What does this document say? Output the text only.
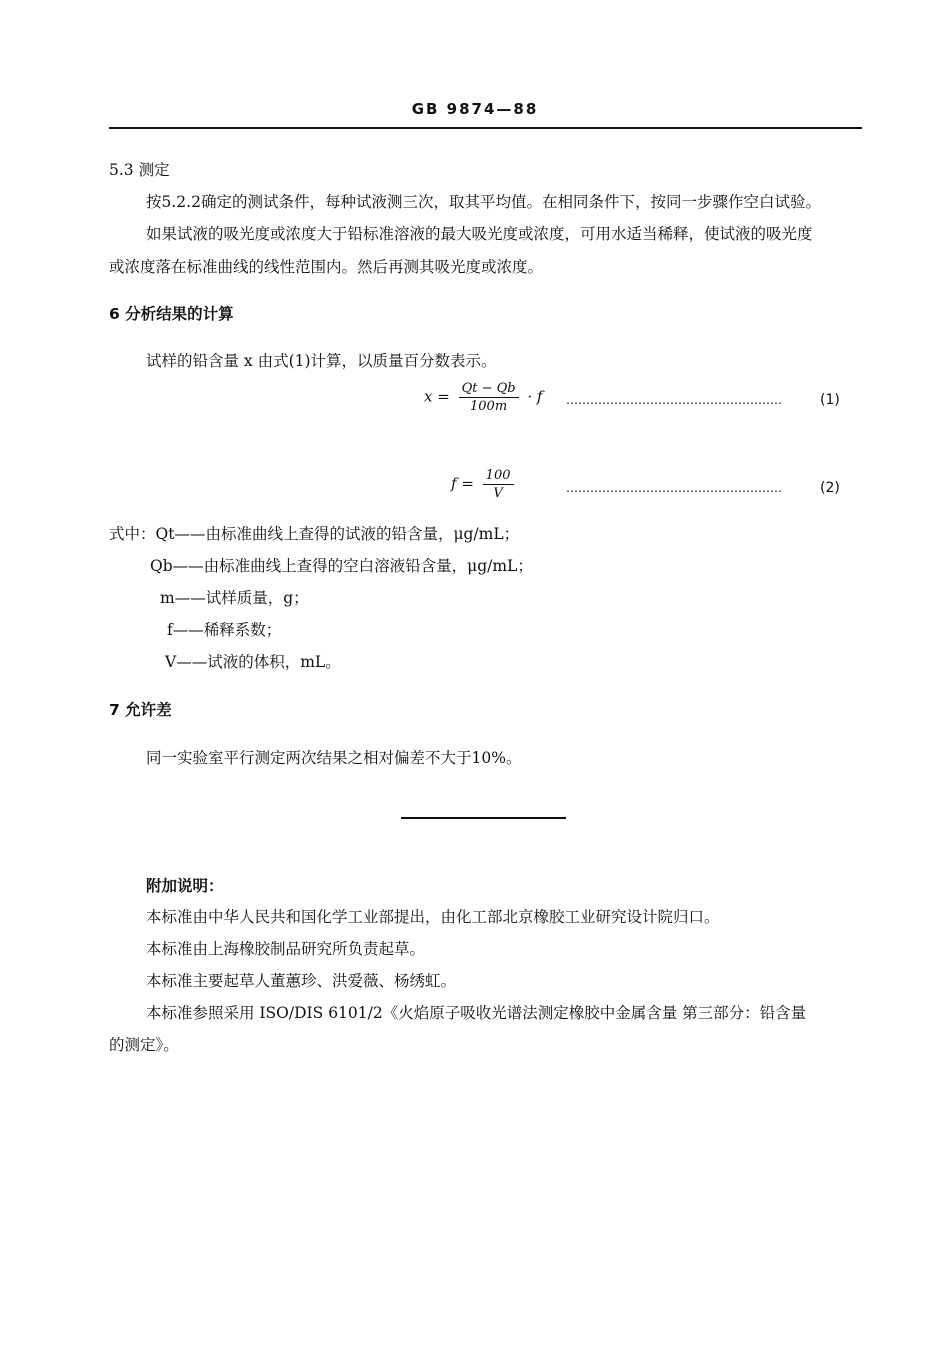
GB 9874—88
5.3 测定
按5.2.2确定的测试条件，每种试液测三次，取其平均值。在相同条件下，按同一步骤作空白试验。
如果试液的吸光度或浓度大于铅标准溶液的最大吸光度或浓度，可用水适当稀释，使试液的吸光度
或浓度落在标准曲线的线性范围内。然后再测其吸光度或浓度。
6 分析结果的计算
试样的铅含量 x 由式(1)计算，以质量百分数表示。
$x = \frac{Qt - Qb}{100m} \cdot f$ ………………………………………………	(1)
$f = \frac{100}{V}$	………………………………………………	(2)
式中：Qt——由标准曲线上查得的试液的铅含量，μg/mL；
Qb——由标准曲线上查得的空白溶液铅含量，μg/mL；
m——试样质量，g；
f——稀释系数；
V——试液的体积，mL。
7 允许差
同一实验室平行测定两次结果之相对偏差不大于10%。
附加说明：
本标准由中华人民共和国化学工业部提出，由化工部北京橡胶工业研究设计院归口。
本标准由上海橡胶制品研究所负责起草。
本标准主要起草人董蕙珍、洪爱薇、杨绣虹。
本标准参照采用 ISO/DIS 6101/2《火焰原子吸收光谱法测定橡胶中金属含量 第三部分：铅含量
的测定》。
